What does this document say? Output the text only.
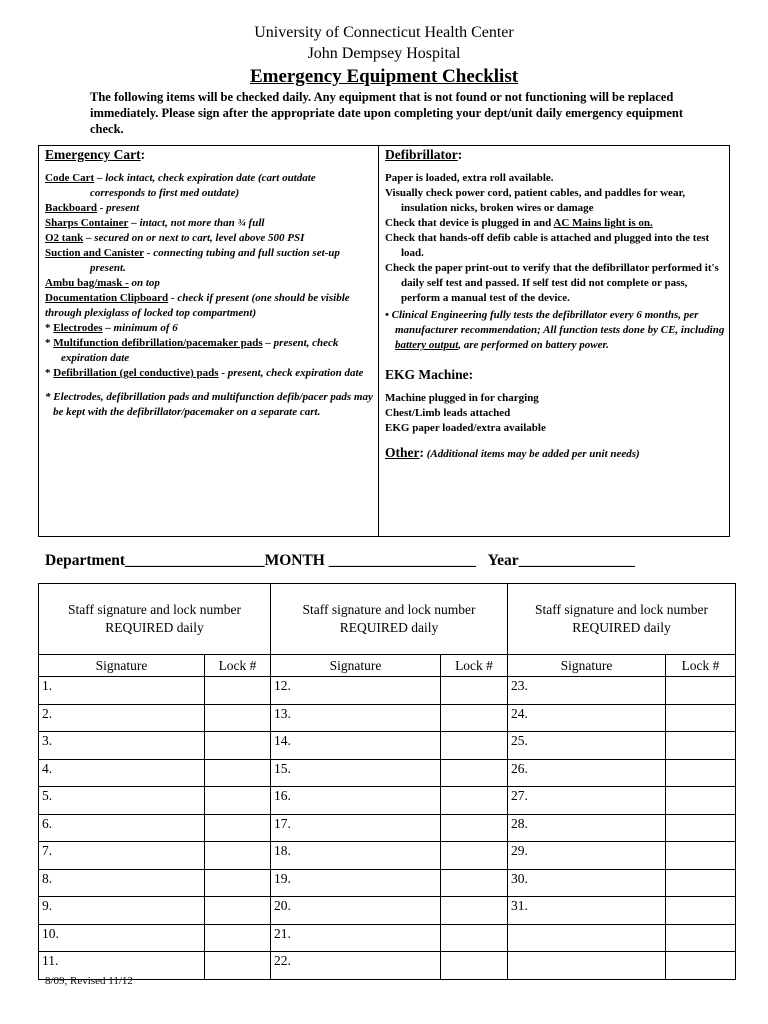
University of Connecticut Health Center
John Dempsey Hospital
Emergency Equipment Checklist
The following items will be checked daily. Any equipment that is not found or not functioning will be replaced immediately. Please sign after the appropriate date upon completing your dept/unit daily emergency equipment check.

Emergency Cart:

Code Cart – lock intact, check expiration date (cart outdate

corresponds to first med outdate)

Backboard - present

Sharps Container – intact, not more than ¾ full

O2 tank – secured on or next to cart, level above 500 PSI

Suction and Canister - connecting tubing and full suction set-up present.

Ambu bag/mask - on top

Documentation Clipboard - check if present (one should be visible through plexiglass of locked top compartment)

* Electrodes – minimum of 6

* Multifunction defibrillation/pacemaker pads – present, check expiration date

* Defibrillation (gel conductive) pads - present, check expiration date

* Electrodes, defibrillation pads and multifunction defib/pacer pads may be kept with the defibrillator/pacemaker on a separate cart.

Defibrillator:

Paper is loaded, extra roll available.

Visually check power cord, patient cables, and paddles for wear, insulation nicks, broken wires or damage

Check that device is plugged in and AC Mains light is on.

Check that hands-off defib cable is attached and plugged into the test load.

Check the paper print-out to verify that the defibrillator performed it's daily self test and passed. If self test did not complete or pass, perform a manual test of the device.

• Clinical Engineering fully tests the defibrillator every 6 months, per manufacturer recommendation; All function tests done by CE, including battery output, are performed on battery power.

EKG Machine:

Machine plugged in for charging

Chest/Limb leads attached

EKG paper loaded/extra available

Other: (Additional items may be added per unit needs)

Department__________________MONTH ___________________ Year_______________
Staff signature and lock number
REQUIRED daily		Staff signature and lock number
REQUIRED daily		Staff signature and lock number
REQUIRED daily	
Signature	Lock #	Signature	Lock #	Signature	Lock #
1.		12.		23.	
2.		13.		24.	
3.		14.		25.	
4.		15.		26.	
5.		16.		27.	
6.		17.		28.	
7.		18.		29.	
8.		19.		30.	
9.		20.		31.	
10.		21.			
11.		22.			
8/09, Revised 11/12
